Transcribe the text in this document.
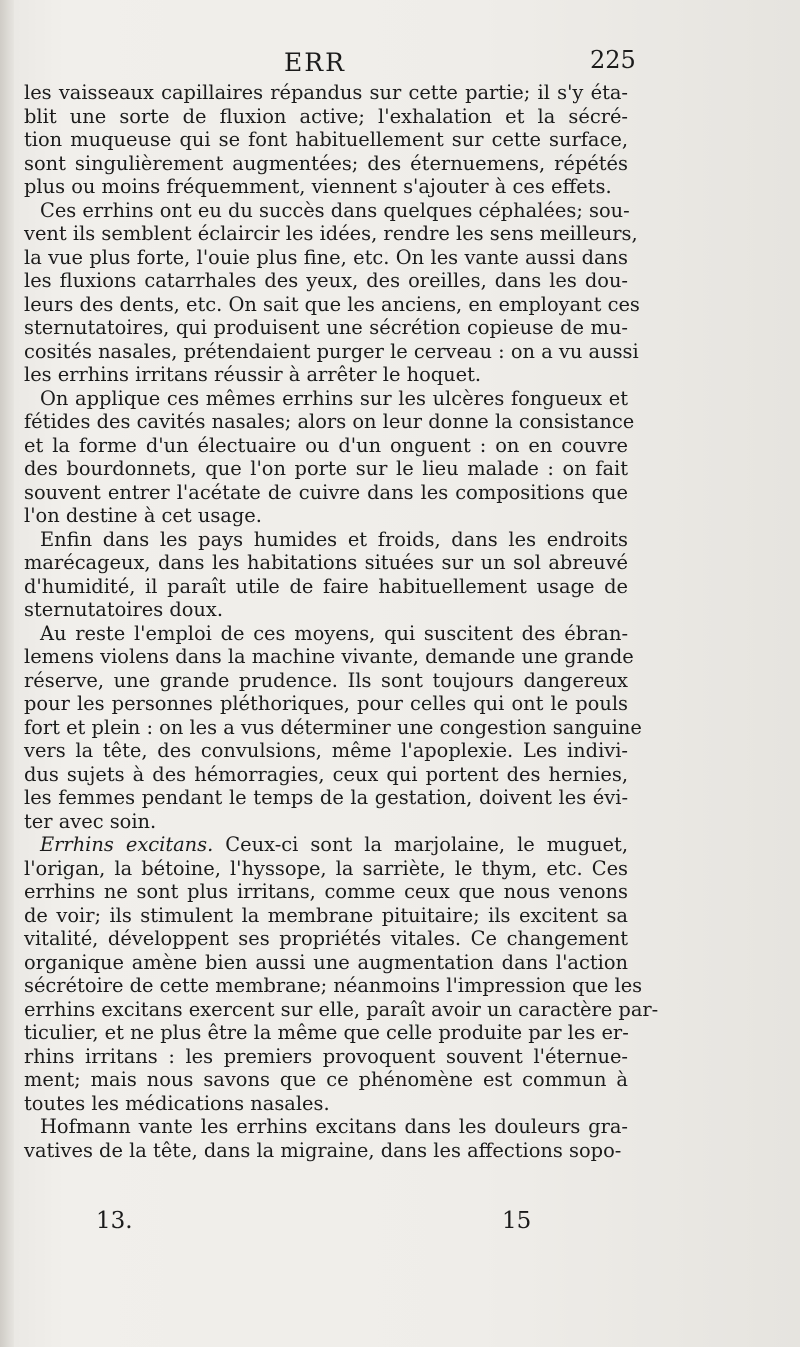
ERR	225
les vaisseaux capillaires répandus sur cette partie; il s'y éta-
blit une sorte de fluxion active; l'exhalation et la sécré-
tion muqueuse qui se font habituellement sur cette surface,
sont singulièrement augmentées; des éternuemens, répétés
plus ou moins fréquemment, viennent s'ajouter à ces effets.
Ces errhins ont eu du succès dans quelques céphalées; sou-
vent ils semblent éclaircir les idées, rendre les sens meilleurs,
la vue plus forte, l'ouie plus fine, etc. On les vante aussi dans
les fluxions catarrhales des yeux, des oreilles, dans les dou-
leurs des dents, etc. On sait que les anciens, en employant ces
sternutatoires, qui produisent une sécrétion copieuse de mu-
cosités nasales, prétendaient purger le cerveau : on a vu aussi
les errhins irritans réussir à arrêter le hoquet.
On applique ces mêmes errhins sur les ulcères fongueux et
fétides des cavités nasales; alors on leur donne la consistance
et la forme d'un électuaire ou d'un onguent : on en couvre
des bourdonnets, que l'on porte sur le lieu malade : on fait
souvent entrer l'acétate de cuivre dans les compositions que
l'on destine à cet usage.
Enfin dans les pays humides et froids, dans les endroits
marécageux, dans les habitations situées sur un sol abreuvé
d'humidité, il paraît utile de faire habituellement usage de
sternutatoires doux.
Au reste l'emploi de ces moyens, qui suscitent des ébran-
lemens violens dans la machine vivante, demande une grande
réserve, une grande prudence. Ils sont toujours dangereux
pour les personnes pléthoriques, pour celles qui ont le pouls
fort et plein : on les a vus déterminer une congestion sanguine
vers la tête, des convulsions, même l'apoplexie. Les indivi-
dus sujets à des hémorragies, ceux qui portent des hernies,
les femmes pendant le temps de la gestation, doivent les évi-
ter avec soin.
Errhins excitans. Ceux-ci sont la marjolaine, le muguet,
l'origan, la bétoine, l'hyssope, la sarriète, le thym, etc. Ces
errhins ne sont plus irritans, comme ceux que nous venons
de voir; ils stimulent la membrane pituitaire; ils excitent sa
vitalité, développent ses propriétés vitales. Ce changement
organique amène bien aussi une augmentation dans l'action
sécrétoire de cette membrane; néanmoins l'impression que les
errhins excitans exercent sur elle, paraît avoir un caractère par-
ticulier, et ne plus être la même que celle produite par les er-
rhins irritans : les premiers provoquent souvent l'éternue-
ment; mais nous savons que ce phénomène est commun à
toutes les médications nasales.
Hofmann vante les errhins excitans dans les douleurs gra-
vatives de la tête, dans la migraine, dans les affections sopo-
13.	15
